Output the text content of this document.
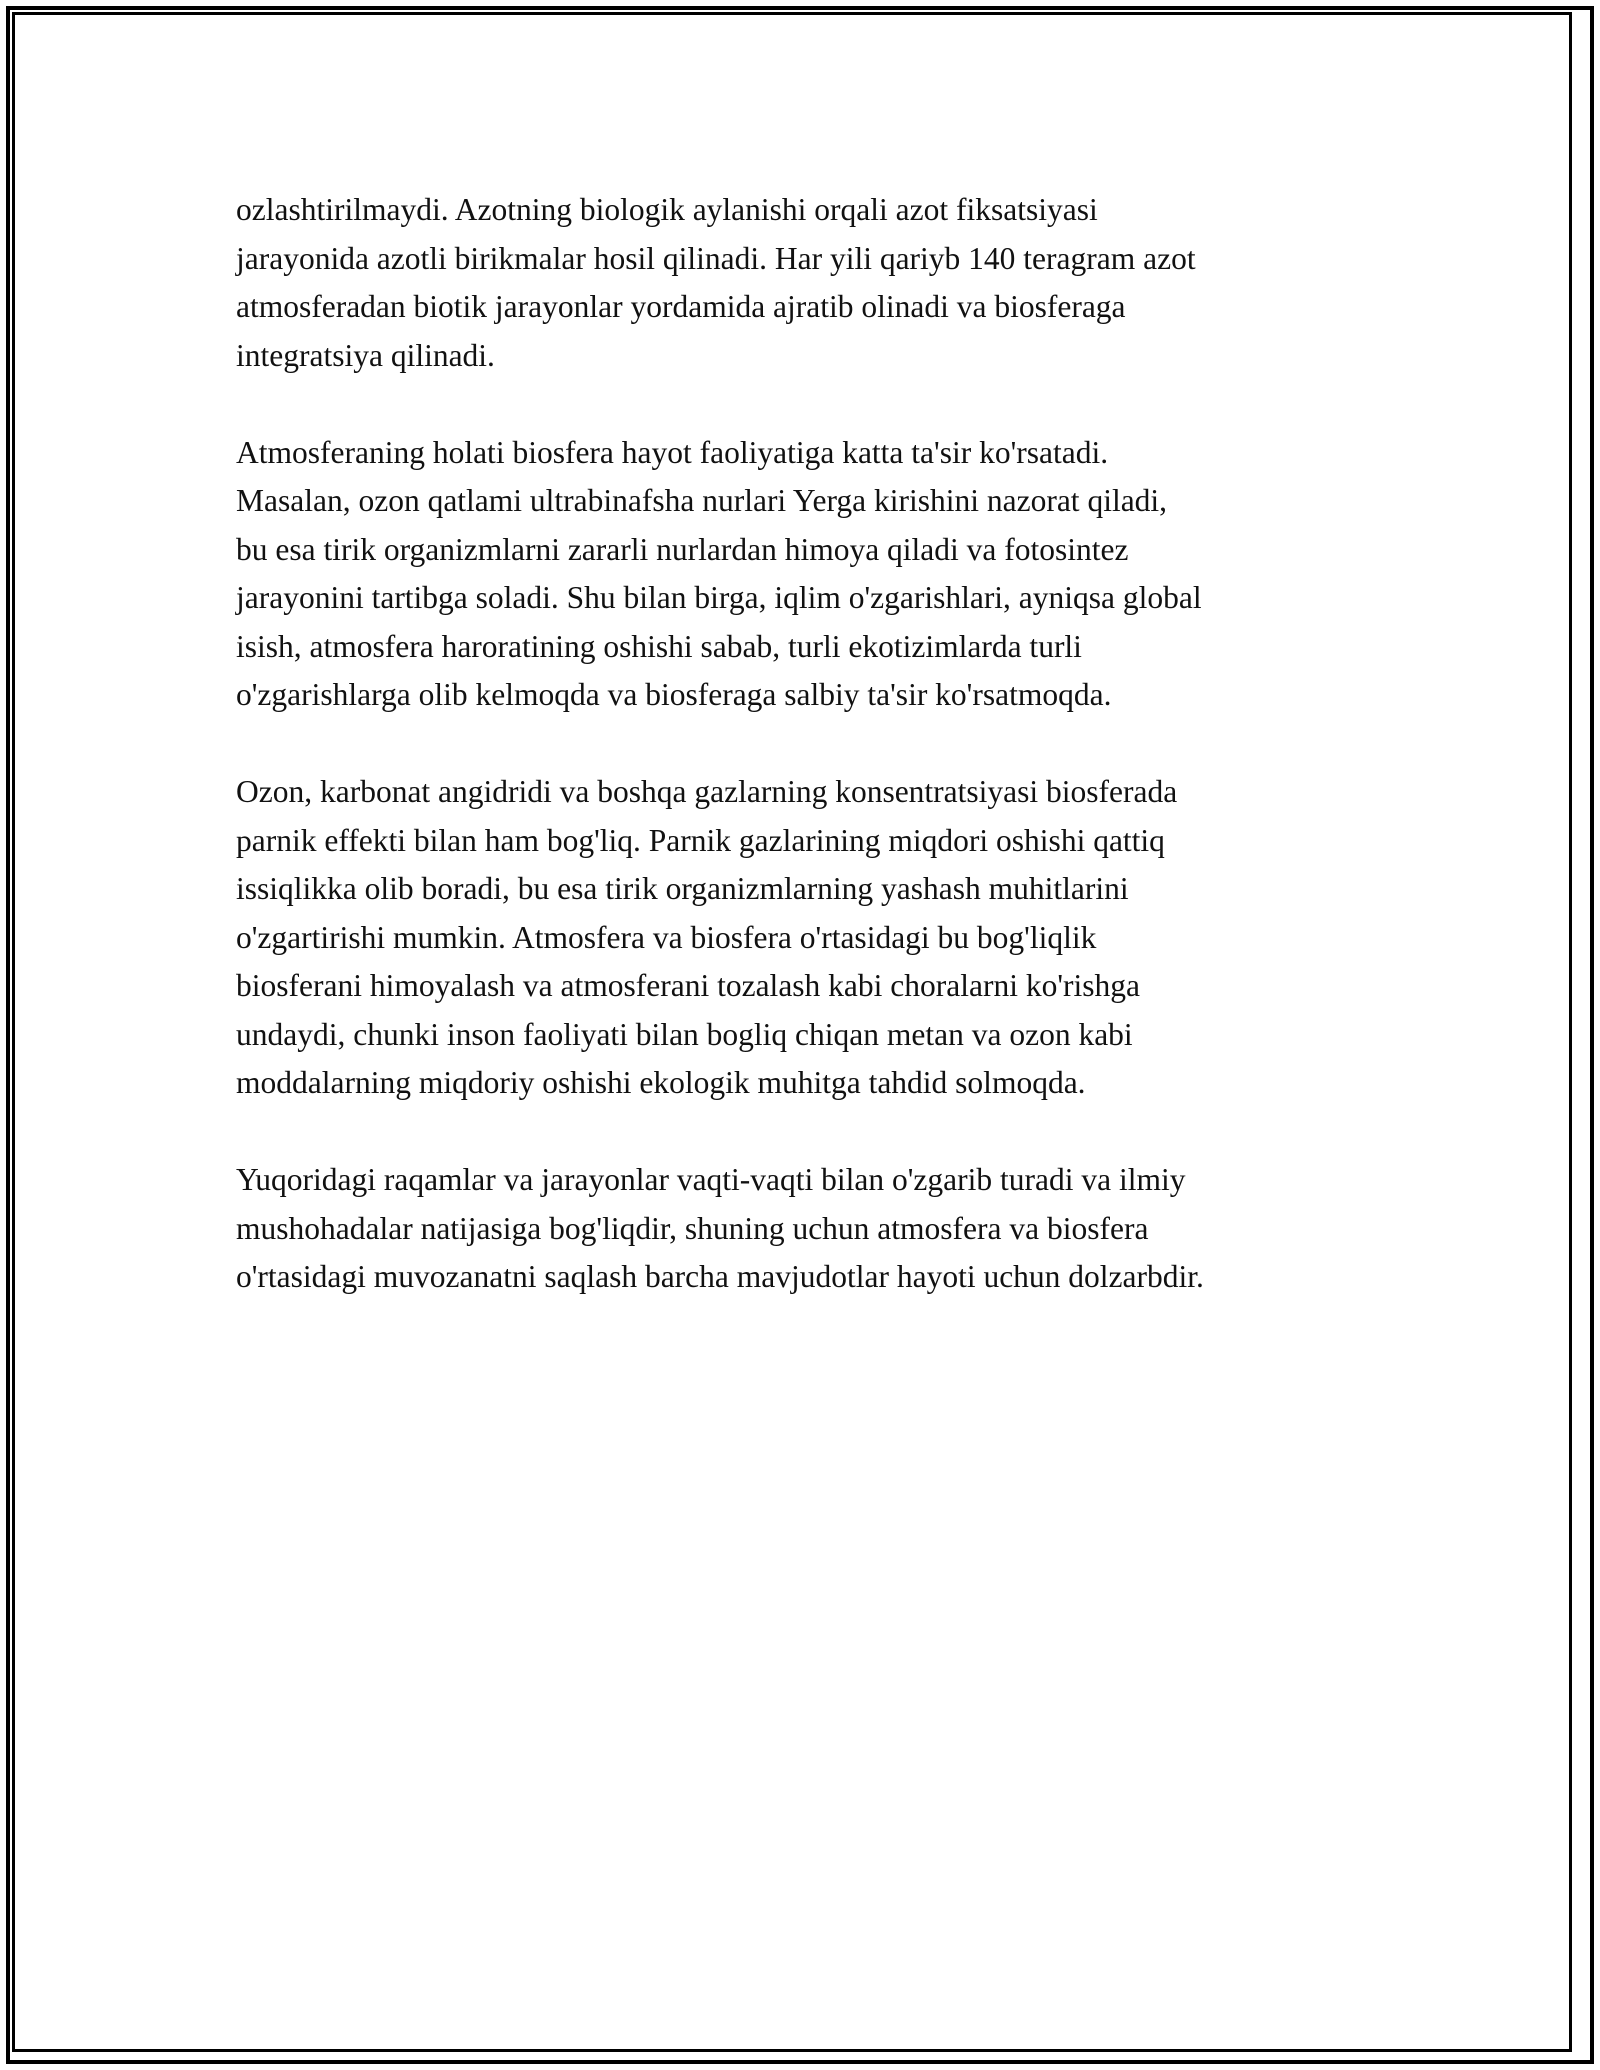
ozlashtirilmaydi. Azotning biologik aylanishi orqali azot fiksatsiyasi
jarayonida azotli birikmalar hosil qilinadi. Har yili qariyb 140 teragram azot
atmosferadan biotik jarayonlar yordamida ajratib olinadi va biosferaga
integratsiya qilinadi.

Atmosferaning holati biosfera hayot faoliyatiga katta ta'sir ko'rsatadi.
Masalan, ozon qatlami ultrabinafsha nurlari Yerga kirishini nazorat qiladi,
bu esa tirik organizmlarni zararli nurlardan himoya qiladi va fotosintez
jarayonini tartibga soladi. Shu bilan birga, iqlim o'zgarishlari, ayniqsa global
isish, atmosfera haroratining oshishi sabab, turli ekotizimlarda turli
o'zgarishlarga olib kelmoqda va biosferaga salbiy ta'sir ko'rsatmoqda.

Ozon, karbonat angidridi va boshqa gazlarning konsentratsiyasi biosferada
parnik effekti bilan ham bog'liq. Parnik gazlarining miqdori oshishi qattiq
issiqlikka olib boradi, bu esa tirik organizmlarning yashash muhitlarini
o'zgartirishi mumkin. Atmosfera va biosfera o'rtasidagi bu bog'liqlik
biosferani himoyalash va atmosferani tozalash kabi choralarni ko'rishga
undaydi, chunki inson faoliyati bilan bogliq chiqan metan va ozon kabi
moddalarning miqdoriy oshishi ekologik muhitga tahdid solmoqda.

Yuqoridagi raqamlar va jarayonlar vaqti-vaqti bilan o'zgarib turadi va ilmiy
mushohadalar natijasiga bog'liqdir, shuning uchun atmosfera va biosfera
o'rtasidagi muvozanatni saqlash barcha mavjudotlar hayoti uchun dolzarbdir.
